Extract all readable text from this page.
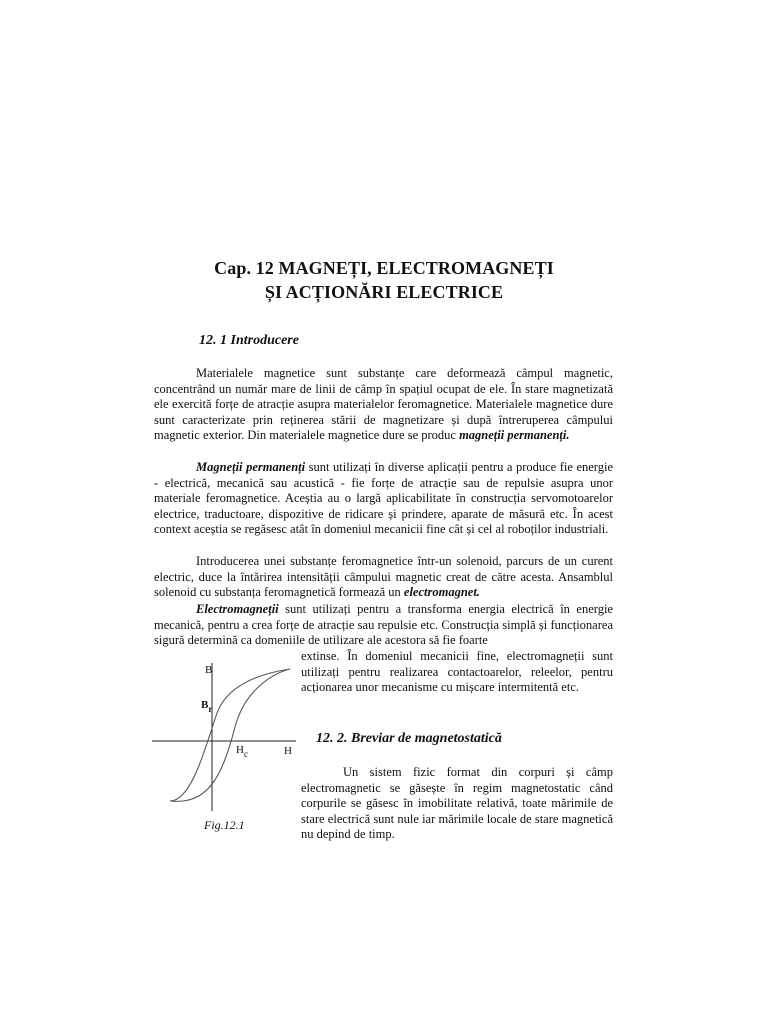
Cap. 12 MAGNEȚI, ELECTROMAGNEȚI
ȘI ACȚIONĂRI ELECTRICE
12. 1 Introducere

Materialele magnetice sunt substanțe care deformează câmpul magnetic, concentrând un număr mare de linii de câmp în spațiul ocupat de ele. În stare magnetizată ele exercită forțe de atracție asupra materialelor feromagnetice. Materialele magnetice dure sunt caracterizate prin reținerea stării de magnetizare și după întreruperea câmpului magnetic exterior. Din materialele magnetice dure se produc magneții permanenți.

Magneții permanenți sunt utilizați în diverse aplicații pentru a produce fie energie - electrică, mecanică sau acustică - fie forțe de atracție sau de repulsie asupra unor materiale feromagnetice. Aceștia au o largă aplicabilitate în construcția servomotoarelor electrice, traductoare, dispozitive de ridicare și prindere, aparate de măsură etc. În acest context aceștia se regăsesc atât în domeniul mecanicii fine cât și cel al roboților industriali.

Introducerea unei substanțe feromagnetice într-un solenoid, parcurs de un curent electric, duce la întărirea intensității câmpului magnetic creat de către acesta. Ansamblul solenoid cu substanța feromagnetică formează un electromagnet.

Electromagneții sunt utilizați pentru a transforma energia electrică în energie mecanică, pentru a crea forțe de atracție sau repulsie etc. Construcția simplă și funcționarea sigură determină ca domeniile de utilizare ale acestora să fie foarte

extinse. În domeniul mecanicii fine, electromagneții sunt utilizați pentru realizarea contactoarelor, releelor, pentru acționarea unor mecanisme cu mișcare intermitentă etc.

B
$B_r$
$H_c$	H

Fig.12.1

12. 2. Breviar de magnetostatică

Un sistem fizic format din corpuri și câmp electromagnetic se găsește în regim magnetostatic când corpurile se găsesc în imobilitate relativă, toate mărimile de stare electrică sunt nule iar mărimile locale de stare magnetică nu depind de timp.
